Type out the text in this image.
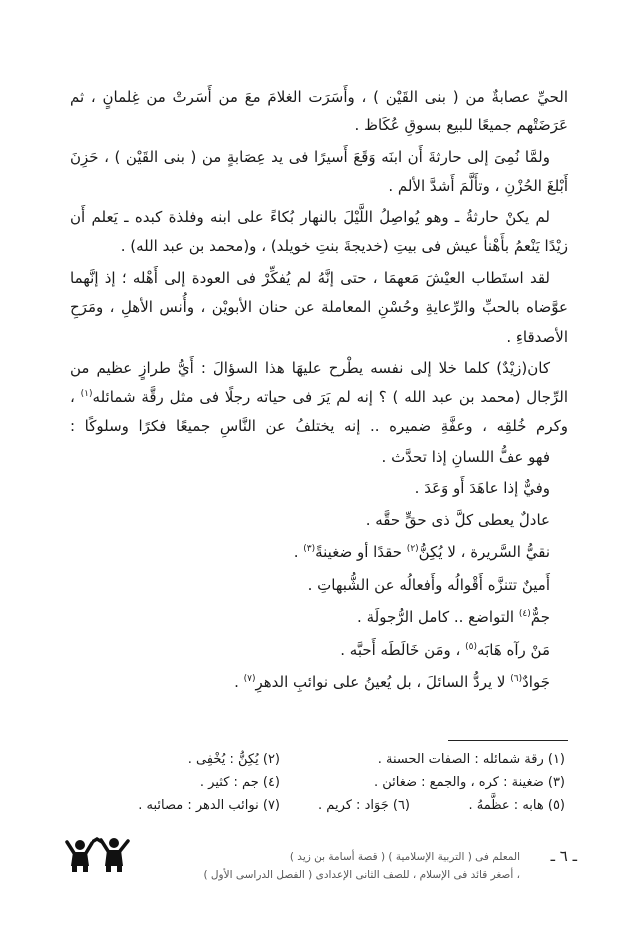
الحيِّ عصابةٌ من ( بنى القَيْن ) ، وأَسَرَت الغلامَ معَ من أَسَرتْ من غِلمانٍ ، ثم
عَرَضَتْهم جميعًا للبيع بسوقِ عُكَاظ .
ولمَّا نُمِىَ إلى حارثةَ أَن ابنَه وَقَعَ أَسيرًا فى يد عِصَابةٍ من ( بنى القَيْن ) ، حَزِنَ
أَبْلغَ الحُزْنِ ، وتأَلَّمَ أَشدَّ الألم .
لم يكنْ حارثةُ ـ وهو يُواصِلُ اللَّيْلَ بالنهار بُكاءً على ابنه وفلذة كبده ـ يَعلم أَن
زيْدًا يَنْعمُ بأَهْنأ عيش فى بيتِ (خديجةَ بنتِ خويلد) ، و(محمد بن عبد الله) .
لقد استَطاب العيْشَ مَعهمَا ، حتى إنَّهُ لم يُفكِّرْ فى العودة إلى أَهْله ؛ إذ إنَّهما
عوَّضاه بالحبِّ والرِّعايةِ وحُسْنِ المعاملة عن حنان الأبويْن ، وأُنس الأهلِ ، ومَرَحِ
الأصدقاءِ .
كان(زيْدٌ) كلما خلا إلى نفسه يطْرح عليهَا هذا السؤالَ : أَيُّ طرازٍ عظيم من
الرِّجال (محمد بن عبد الله ) ؟ إنه لم يَرَ فى حياته رجلًا فى مثل رقَّة شمائله$^{(١)}$ ،
وكرم خُلقِه ، وعفَّةِ ضميره .. إنه يختلفُ عن النَّاسِ جميعًا فكرًا وسلوكًا :
فهو عفُّ اللسانِ إذا تحدَّث .
وفيٌّ إذا عاهَدَ أَو وَعَدَ .
عادلٌ يعطى كلَّ ذى حقٍّ حقَّه .
نقيُّ السَّريرة ، لا يُكِنُّ$^{(٢)}$ حقدًا أو ضغينةً$^{(٣)}$ .
أَمينٌ تتنزَّه أَقْوالُه وأَفعالُه عن الشُّبهاتِ .
جمٌّ$^{(٤)}$ التواضع .. كامل الرُّجولَة .
مَنْ رآه هَابَه$^{(٥)}$ ، ومَن خَالَطَه أَحبَّه .
جَوادٌ$^{(٦)}$ لا يردُّ السائلَ ، بل يُعينُ على نوائبِ الدهرِ$^{(٧)}$ .
(١) رقة شمائله : الصفات الحسنة .
(٢) يُكِنُّ : يُخْفِى .
(٣) ضغينة : كره ، والجمع : ضغائن .
(٤) جم : كثير .
(٥) هابه : عظَّمهُ .
(٦) جَوَاد : كريم .
(٧) نوائب الدهر : مصائبه .
ـ ٦ ـ
المعلم فى ( التربية الإسلامية ) ( قصة أسامة بن زيد )
، أصغر قائد فى الإسلام ، للصف الثانى الإعدادى ( الفصل الدراسى الأول )
